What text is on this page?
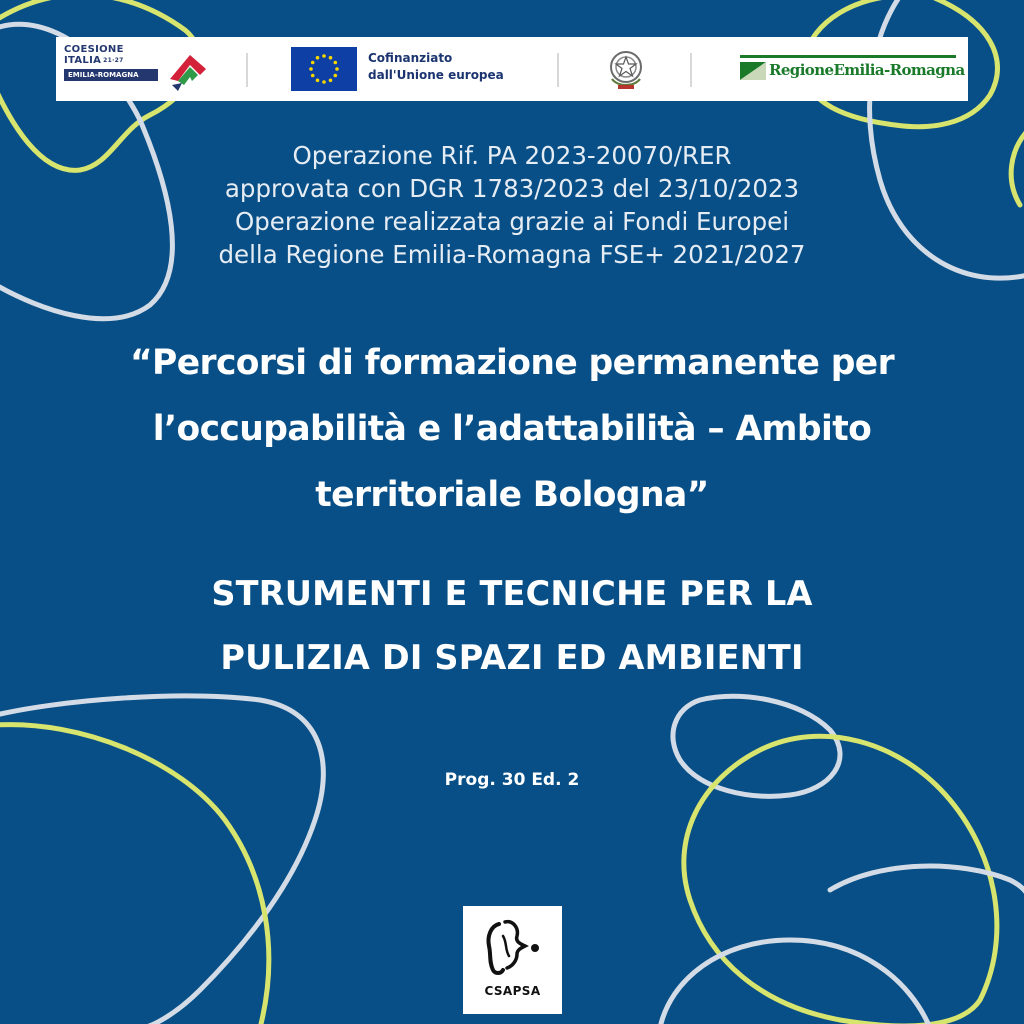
COESIONE
ITALIA $^{21\cdot 27}$
EMILIA-ROMAGNA
Cofinanziato
dall'Unione europea	RegioneEmilia-Romagna
Operazione Rif. PA 2023-20070/RER
approvata con DGR 1783/2023 del 23/10/2023
Operazione realizzata grazie ai Fondi Europei
della Regione Emilia-Romagna FSE+ 2021/2027
“Percorsi di formazione permanente per
l’occupabilità e l’adattabilità – Ambito
territoriale Bologna”
STRUMENTI E TECNICHE PER LA
PULIZIA DI SPAZI ED AMBIENTI
Prog. 30 Ed. 2
CSAPSA
